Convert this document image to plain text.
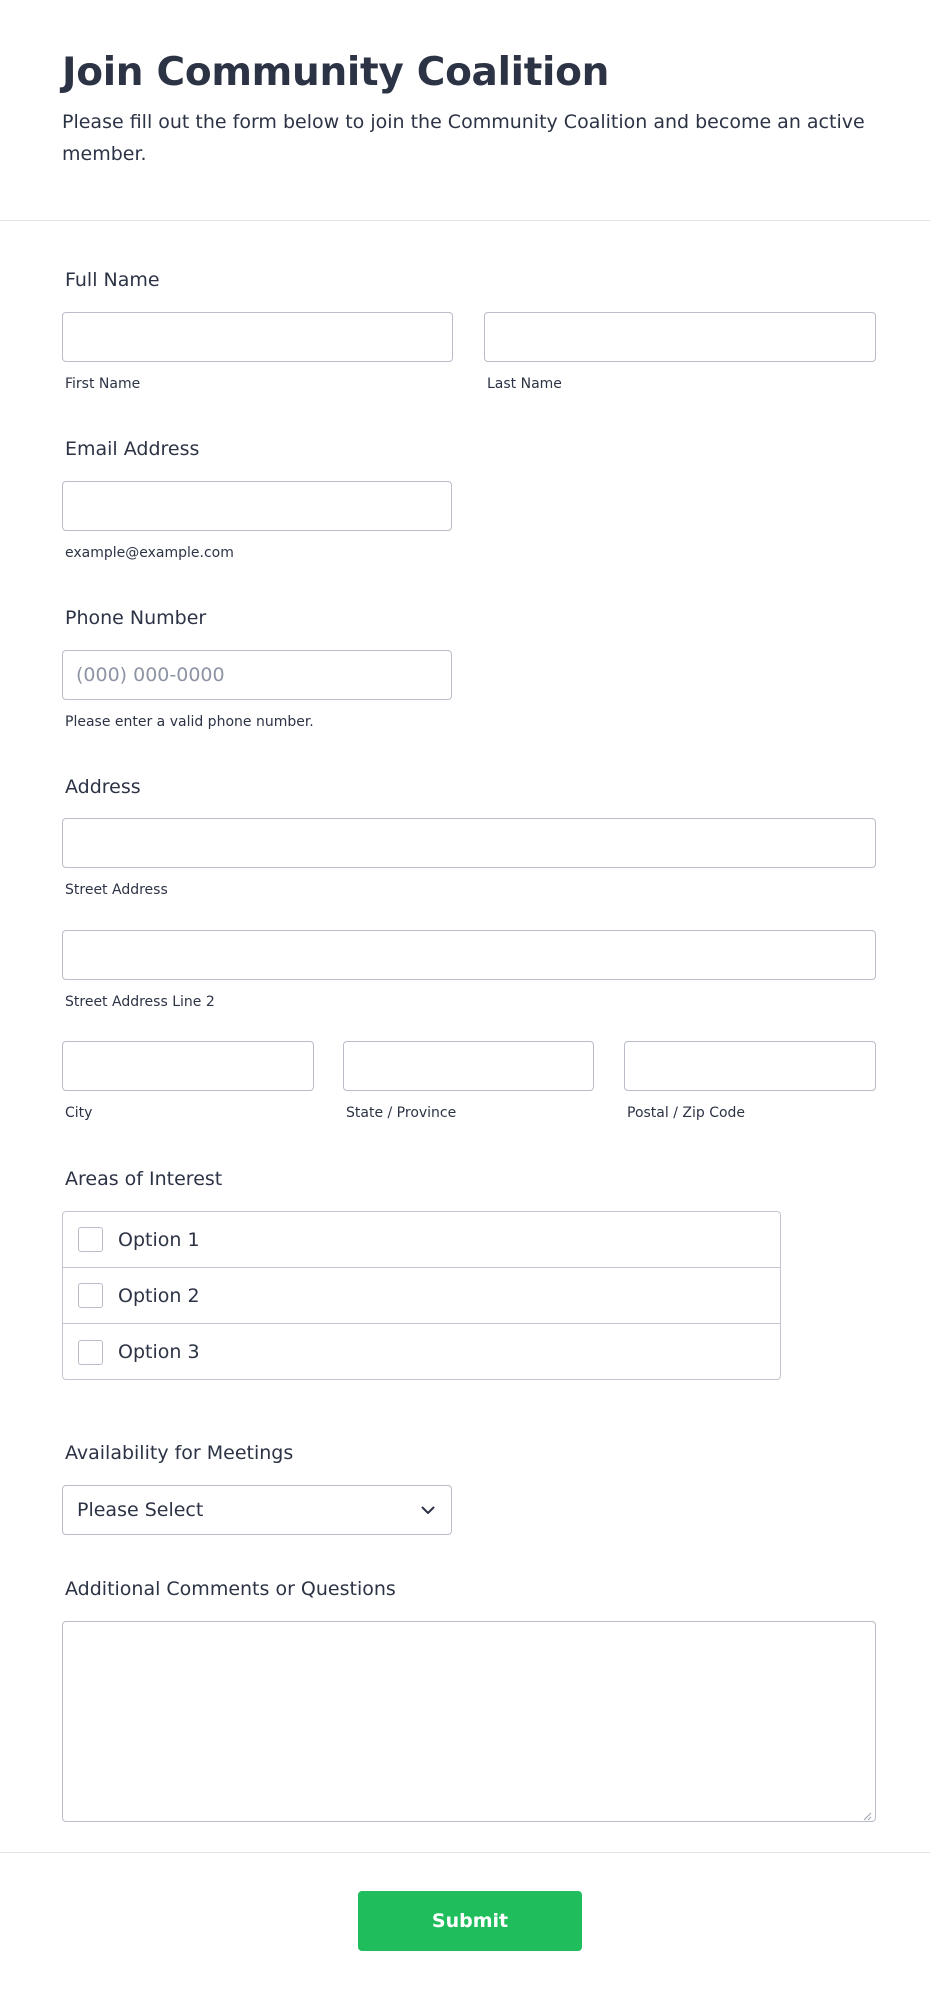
Join Community Coalition

Please fill out the form below to join the Community Coalition and become an active member.

Full Name
First Name	Last Name
Email Address
example@example.com
Phone Number
(000) 000-0000
Please enter a valid phone number.
Address
Street Address
Street Address Line 2
City	State / Province	Postal / Zip Code
Areas of Interest
Option 1
Option 2
Option 3
Availability for Meetings
Please Select
Additional Comments or Questions
Submit
